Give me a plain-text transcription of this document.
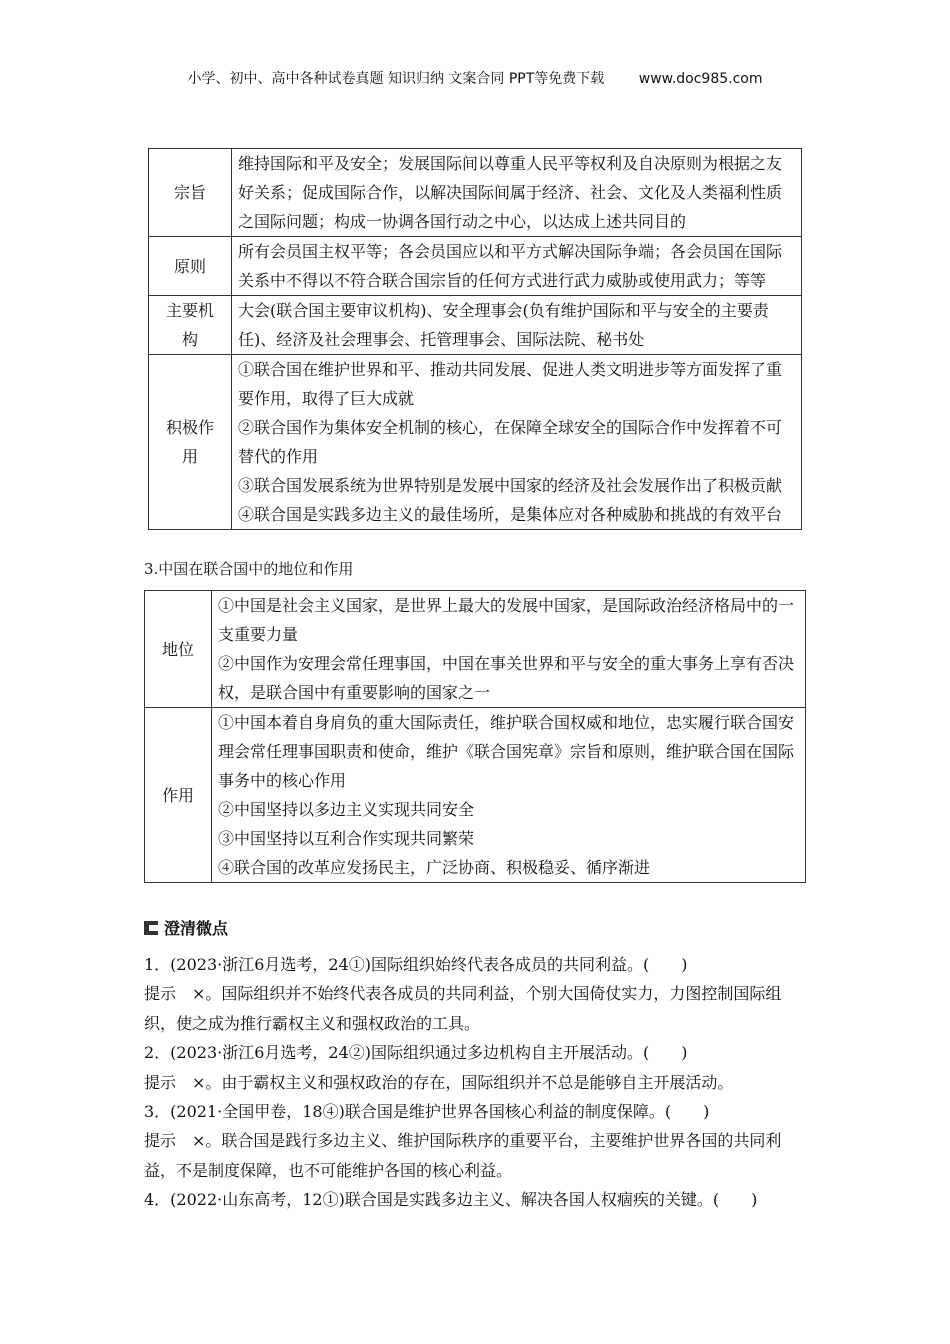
小学、初中、高中各种试卷真题 知识归纳 文案合同 PPT等免费下载 www.doc985.com
宗旨	维持国际和平及安全；发展国际间以尊重人民平等权利及自决原则为根据之友好关系；促成国际合作，以解决国际间属于经济、社会、文化及人类福利性质之国际问题；构成一协调各国行动之中心，以达成上述共同目的

原则	所有会员国主权平等；各会员国应以和平方式解决国际争端；各会员国在国际关系中不得以不符合联合国宗旨的任何方式进行武力威胁或使用武力；等等

主要机构	大会(联合国主要审议机构)、安全理事会(负有维护国际和平与安全的主要责任)、经济及社会理事会、托管理事会、国际法院、秘书处

积极作用	①联合国在维护世界和平、推动共同发展、促进人类文明进步等方面发挥了重要作用，取得了巨大成就
②联合国作为集体安全机制的核心，在保障全球安全的国际合作中发挥着不可替代的作用
③联合国发展系统为世界特别是发展中国家的经济及社会发展作出了积极贡献
④联合国是实践多边主义的最佳场所，是集体应对各种威胁和挑战的有效平台
3.中国在联合国中的地位和作用
地位	①中国是社会主义国家，是世界上最大的发展中国家，是国际政治经济格局中的一支重要力量
②中国作为安理会常任理事国，中国在事关世界和平与安全的重大事务上享有否决权，是联合国中有重要影响的国家之一

作用	①中国本着自身肩负的重大国际责任，维护联合国权威和地位，忠实履行联合国安理会常任理事国职责和使命，维护《联合国宪章》宗旨和原则，维护联合国在国际事务中的核心作用
②中国坚持以多边主义实现共同安全
③中国坚持以互利合作实现共同繁荣
④联合国的改革应发扬民主，广泛协商、积极稳妥、循序渐进
澄清微点
1．(2023·浙江6月选考，24①)国际组织始终代表各成员的共同利益。(　　)
提示　×。国际组织并不始终代表各成员的共同利益，个别大国倚仗实力，力图控制国际组织，使之成为推行霸权主义和强权政治的工具。
2．(2023·浙江6月选考，24②)国际组织通过多边机构自主开展活动。(　　)
提示　×。由于霸权主义和强权政治的存在，国际组织并不总是能够自主开展活动。
3．(2021·全国甲卷，18④)联合国是维护世界各国核心利益的制度保障。(　　)
提示　×。联合国是践行多边主义、维护国际秩序的重要平台，主要维护世界各国的共同利益，不是制度保障，也不可能维护各国的核心利益。
4．(2022·山东高考，12①)联合国是实践多边主义、解决各国人权痼疾的关键。(　　)
